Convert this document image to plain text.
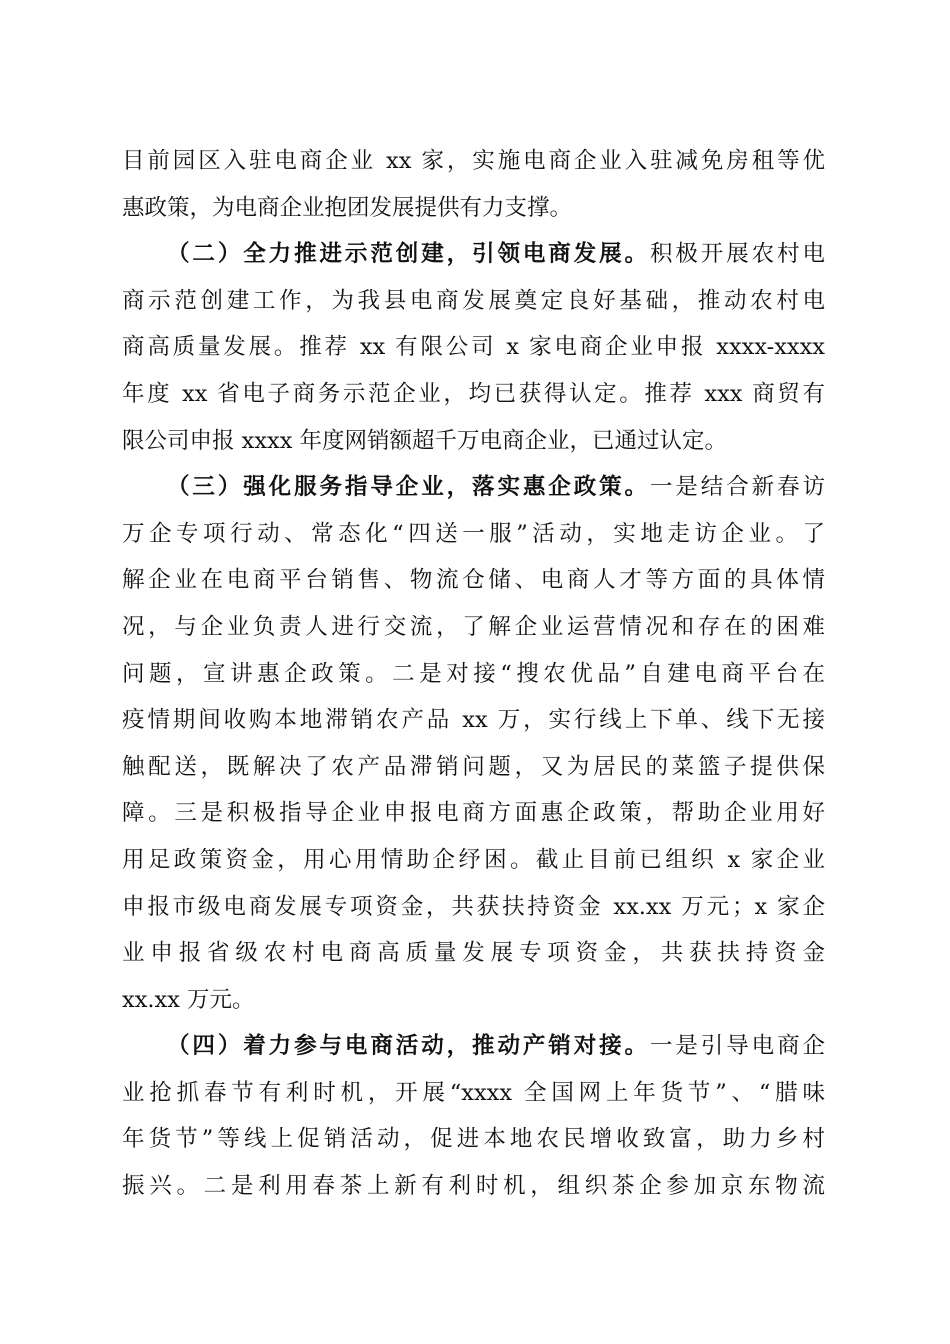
目前园区入驻电商企业 xx 家，实施电商企业入驻减免房租等优
惠政策，为电商企业抱团发展提供有力支撑。
（二）全力推进示范创建，引领电商发展。积极开展农村电
商示范创建工作，为我县电商发展奠定良好基础，推动农村电
商高质量发展。推荐 xx 有限公司 x 家电商企业申报 xxxx-xxxx
年度 xx 省电子商务示范企业，均已获得认定。推荐 xxx 商贸有
限公司申报 xxxx 年度网销额超千万电商企业，已通过认定。
（三）强化服务指导企业，落实惠企政策。一是结合新春访
万企专项行动、常态化“四送一服”活动，实地走访企业。了
解企业在电商平台销售、物流仓储、电商人才等方面的具体情
况，与企业负责人进行交流，了解企业运营情况和存在的困难
问题，宣讲惠企政策。二是对接“搜农优品”自建电商平台在
疫情期间收购本地滞销农产品 xx 万，实行线上下单、线下无接
触配送，既解决了农产品滞销问题，又为居民的菜篮子提供保
障。三是积极指导企业申报电商方面惠企政策，帮助企业用好
用足政策资金，用心用情助企纾困。截止目前已组织 x 家企业
申报市级电商发展专项资金，共获扶持资金 xx.xx 万元；x 家企
业申报省级农村电商高质量发展专项资金，共获扶持资金
xx.xx 万元。
（四）着力参与电商活动，推动产销对接。一是引导电商企
业抢抓春节有利时机，开展“xxxx 全国网上年货节”、“腊味
年货节”等线上促销活动，促进本地农民增收致富，助力乡村
振兴。二是利用春茶上新有利时机，组织茶企参加京东物流
